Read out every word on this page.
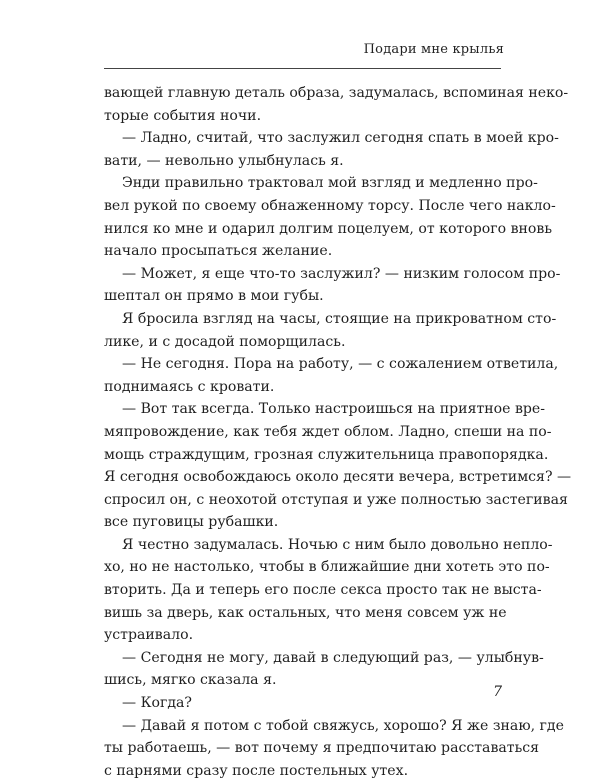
Подари мне крылья
вающей главную деталь образа, задумалась, вспоминая неко-
торые события ночи.
— Ладно, считай, что заслужил сегодня спать в моей кро-
вати, — невольно улыбнулась я.
Энди правильно трактовал мой взгляд и медленно про-
вел рукой по своему обнаженному торсу. После чего накло-
нился ко мне и одарил долгим поцелуем, от которого вновь
начало просыпаться желание.
— Может, я еще что-то заслужил? — низким голосом про-
шептал он прямо в мои губы.
Я бросила взгляд на часы, стоящие на прикроватном сто-
лике, и с досадой поморщилась.
— Не сегодня. Пора на работу, — с сожалением ответила,
поднимаясь с кровати.
— Вот так всегда. Только настроишься на приятное вре-
мяпровождение, как тебя ждет облом. Ладно, спеши на по-
мощь страждущим, грозная служительница правопорядка.
Я сегодня освобождаюсь около десяти вечера, встретимся? —
спросил он, с неохотой отступая и уже полностью застегивая
все пуговицы рубашки.
Я честно задумалась. Ночью с ним было довольно непло-
хо, но не настолько, чтобы в ближайшие дни хотеть это по-
вторить. Да и теперь его после секса просто так не выста-
вишь за дверь, как остальных, что меня совсем уж не
устраивало.
— Сегодня не могу, давай в следующий раз, — улыбнув-
шись, мягко сказала я.
— Когда?
— Давай я потом с тобой свяжусь, хорошо? Я же знаю, где
ты работаешь, — вот почему я предпочитаю расставаться
с парнями сразу после постельных утех.
7
